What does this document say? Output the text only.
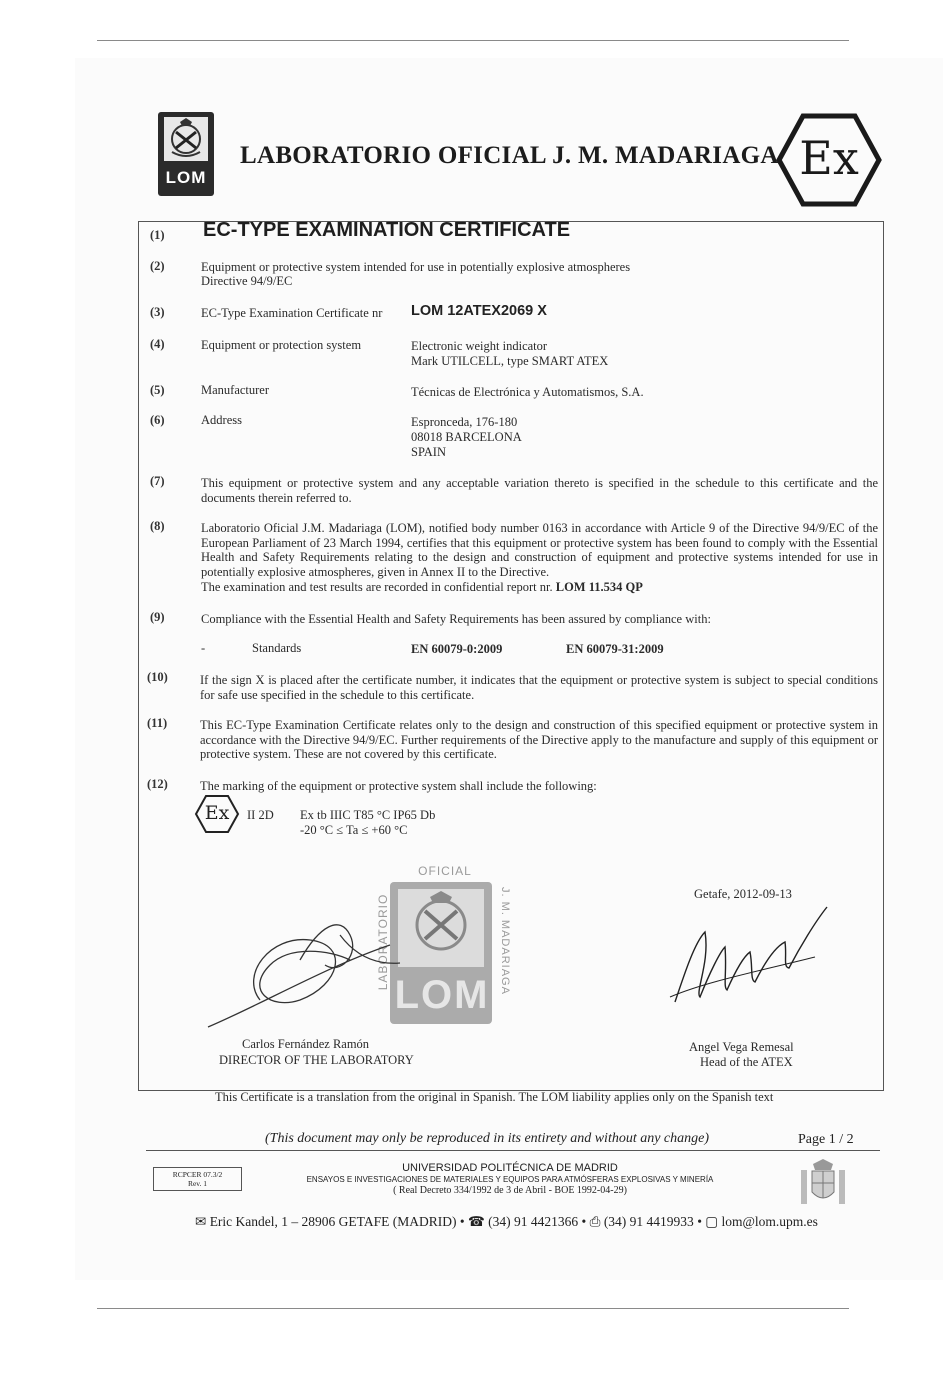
LOM
LABORATORIO OFICIAL J. M. MADARIAGA Ex
(1) EC-TYPE EXAMINATION CERTIFICATE
(2)	Equipment or protective system intended for use in potentially explosive atmospheres
Directive 94/9/EC
(3)	EC-Type Examination Certificate nr LOM 12ATEX2069 X
(4)	Equipment or protection system	Electronic weight indicator
Mark UTILCELL, type SMART ATEX
(5)	Manufacturer	Técnicas de Electrónica y Automatismos, S.A.
(6)	Address	Espronceda, 176-180
08018 BARCELONA
SPAIN
(7)	This equipment or protective system and any acceptable variation thereto is specified in the schedule to this certificate and the documents therein referred to.
(8)	Laboratorio Oficial J.M. Madariaga (LOM), notified body number 0163 in accordance with Article 9 of the Directive 94/9/EC of the European Parliament of 23 March 1994, certifies that this equipment or protective system has been found to comply with the Essential Health and Safety Requirements relating to the design and construction of equipment and protective systems intended for use in potentially explosive atmospheres, given in Annex II to the Directive.
The examination and test results are recorded in confidential report nr. LOM 11.534 QP
(9)	Compliance with the Essential Health and Safety Requirements has been assured by compliance with:
-	Standards	EN 60079-0:2009	EN 60079-31:2009
(10)	If the sign X is placed after the certificate number, it indicates that the equipment or protective system is subject to special conditions for safe use specified in the schedule to this certificate.
(11)	This EC-Type Examination Certificate relates only to the design and construction of this specified equipment or protective system in accordance with the Directive 94/9/EC. Further requirements of the Directive apply to the manufacture and supply of this equipment or protective system. These are not covered by this certificate.
(12)	The marking of the equipment or protective system shall include the following:
Ex	II 2D Ex tb IIIC T85 °C IP65 Db
-20 °C ≤ Ta ≤ +60 °C
OFICIAL
LABORATORIO	J. M. MADARIAGA
LOM
Carlos Fernández Ramón
DIRECTOR OF THE LABORATORY
Getafe, 2012-09-13
Angel Vega Remesal
Head of the ATEX
This Certificate is a translation from the original in Spanish. The LOM liability applies only on the Spanish text
(This document may only be reproduced in its entirety and without any change)	Page 1 / 2
RCPCER 07.3/2
Rev. 1
UNIVERSIDAD POLITÉCNICA DE MADRID
ENSAYOS E INVESTIGACIONES DE MATERIALES Y EQUIPOS PARA ATMÓSFERAS EXPLOSIVAS Y MINERÍA
( Real Decreto 334/1992 de 3 de Abril - BOE 1992-04-29)
✉ Eric Kandel, 1 – 28906 GETAFE (MADRID) • ☎ (34) 91 4421366 • ⎙ (34) 91 4419933 • ▢ lom@lom.upm.es
